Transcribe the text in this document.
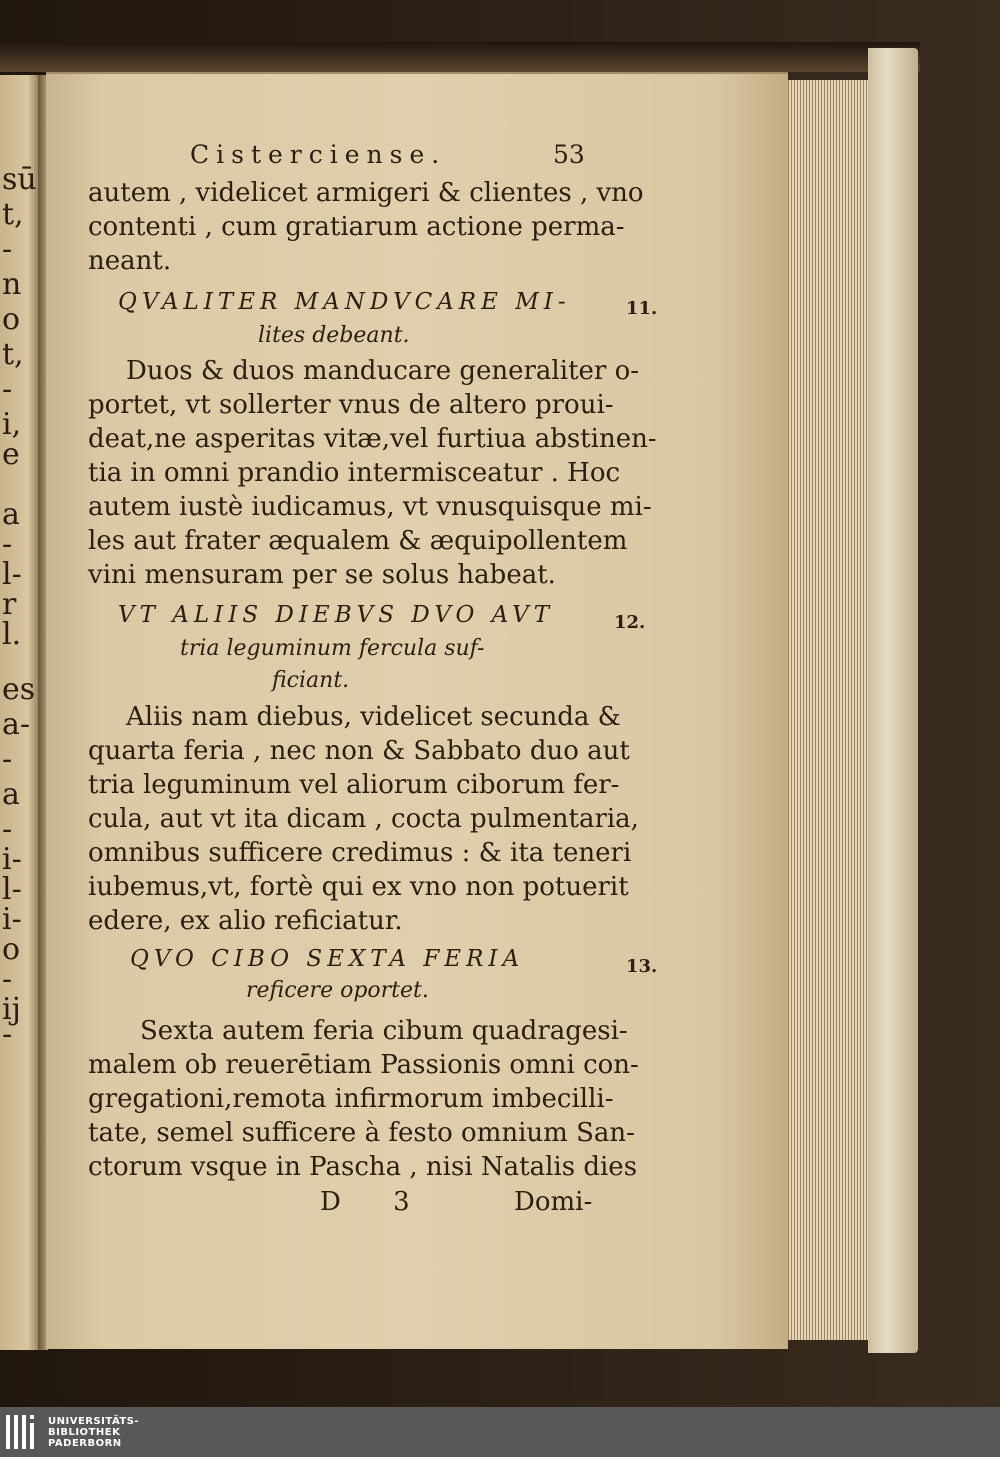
sū
t,
-
n
o
t,
-
i,
e
a
-
l-
r
l.
es
a-
-
a
-
i-
l-
i-
o
-
ij
-
Cisterciense.	53
autem , videlicet armigeri & clientes , vno
contenti , cum gratiarum actione perma-
neant.
QVALITER MANDVCARE MI-
lites debeant.
11.
Duos & duos manducare generaliter o-
portet, vt sollerter vnus de altero proui-
deat,ne asperitas vitæ,vel furtiua abstinen-
tia in omni prandio intermisceatur . Hoc
autem iustè iudicamus, vt vnusquisque mi-
les aut frater æqualem & æquipollentem
vini mensuram per se solus habeat.
VT ALIIS DIEBVS DVO AVT
tria leguminum fercula suf-
ficiant.
12.
Aliis nam diebus, videlicet secunda &
quarta feria , nec non & Sabbato duo aut
tria leguminum vel aliorum ciborum fer-
cula, aut vt ita dicam , cocta pulmentaria,
omnibus sufficere credimus : & ita teneri
iubemus,vt, fortè qui ex vno non potuerit
edere, ex alio reficiatur.
QVO CIBO SEXTA FERIA
reficere oportet.
13.
Sexta autem feria cibum quadragesi-
malem ob reuerētiam Passionis omni con-
gregationi,remota infirmorum imbecilli-
tate, semel sufficere à festo omnium San-
ctorum vsque in Pascha , nisi Natalis dies
D 3	Domi-
UNIVERSITÄTS-
BIBLIOTHEK
PADERBORN
